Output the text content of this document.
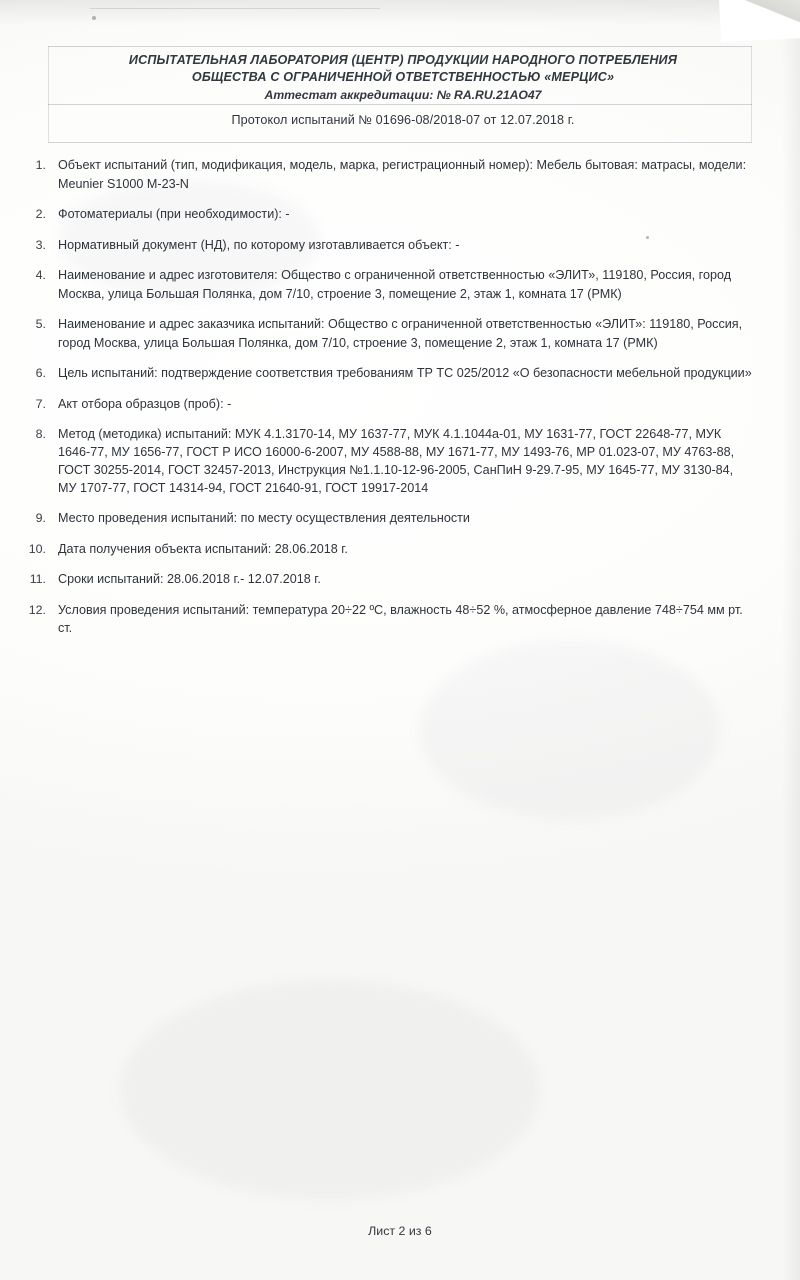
ИСПЫТАТЕЛЬНАЯ ЛАБОРАТОРИЯ (ЦЕНТР) ПРОДУКЦИИ НАРОДНОГО ПОТРЕБЛЕНИЯ
ОБЩЕСТВА С ОГРАНИЧЕННОЙ ОТВЕТСТВЕННОСТЬЮ «МЕРЦИС»
Аттестат аккредитации: № RA.RU.21AO47
Протокол испытаний № 01696-08/2018-07 от 12.07.2018 г.
1. Объект испытаний (тип, модификация, модель, марка, регистрационный номер): Мебель бытовая: матрасы, модели: Meunier S1000 M-23-N
2. Фотоматериалы (при необходимости): -
3. Нормативный документ (НД), по которому изготавливается объект: -
4. Наименование и адрес изготовителя: Общество с ограниченной ответственностью «ЭЛИТ», 119180, Россия, город Москва, улица Большая Полянка, дом 7/10, строение 3, помещение 2, этаж 1, комната 17 (РМК)
5. Наименование и адрес заказчика испытаний: Общество с ограниченной ответственностью «ЭЛИТ»: 119180, Россия, город Москва, улица Большая Полянка, дом 7/10, строение 3, помещение 2, этаж 1, комната 17 (РМК)
6. Цель испытаний: подтверждение соответствия требованиям ТР ТС 025/2012 «О безопасности мебельной продукции»
7. Акт отбора образцов (проб): -
8. Метод (методика) испытаний: МУК 4.1.3170-14, МУ 1637-77, МУК 4.1.1044а-01, МУ 1631-77, ГОСТ 22648-77, МУК 1646-77, МУ 1656-77, ГОСТ Р ИСО 16000-6-2007, МУ 4588-88, МУ 1671-77, МУ 1493-76, МР 01.023-07, МУ 4763-88, ГОСТ 30255-2014, ГОСТ 32457-2013, Инструкция №1.1.10-12-96-2005, СанПиН 9-29.7-95, МУ 1645-77, МУ 3130-84, МУ 1707-77, ГОСТ 14314-94, ГОСТ 21640-91, ГОСТ 19917-2014
9. Место проведения испытаний: по месту осуществления деятельности
10. Дата получения объекта испытаний: 28.06.2018 г.
11. Сроки испытаний: 28.06.2018 г.- 12.07.2018 г.
12. Условия проведения испытаний: температура 20÷22 ºС, влажность 48÷52 %, атмосферное давление 748÷754 мм рт. ст.
Лист 2 из 6
